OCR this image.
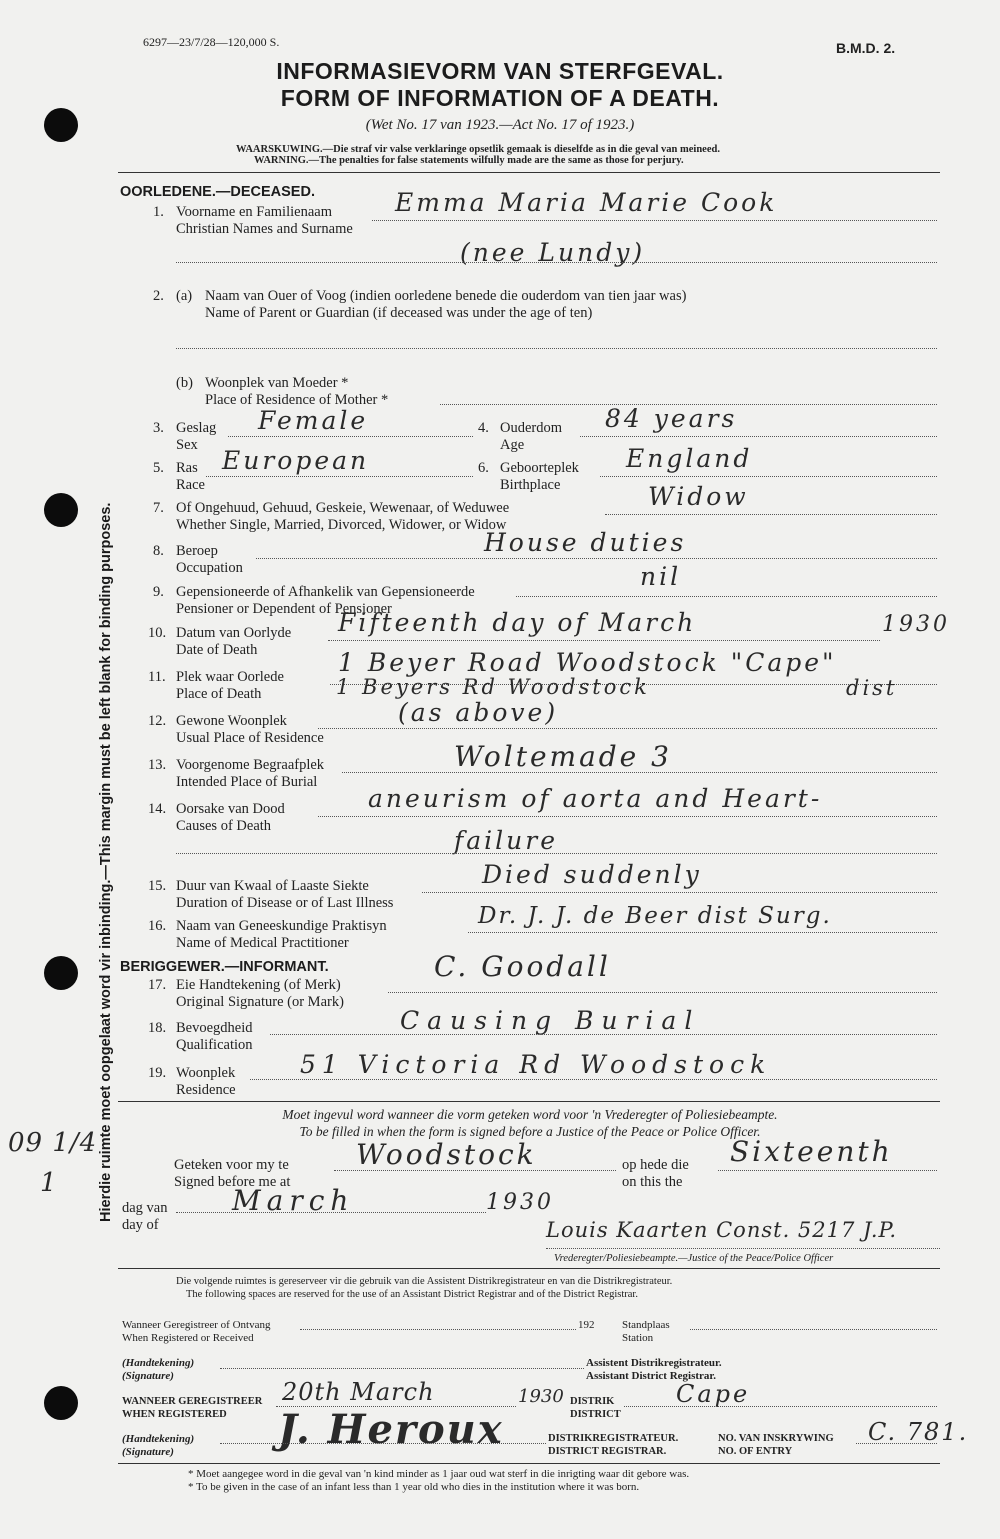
Hierdie ruimte moet oopgelaat word vir inbinding.—This margin must be left blank for binding purposes.
09 1/4
1
6297—23/7/28—120,000 S.	B.M.D. 2.
INFORMASIEVORM VAN STERFGEVAL.
FORM OF INFORMATION OF A DEATH.
(Wet No. 17 van 1923.—Act No. 17 of 1923.)
WAARSKUWING.—Die straf vir valse verklaringe opsetlik gemaak is dieselfde as in die geval van meineed.
WARNING.—The penalties for false statements wilfully made are the same as those for perjury.
OORLEDENE.—DECEASED.
1. Voorname en Familienaam
Christian Names and Surname
Emma Maria Marie Cook
(nee Lundy)
2. (a) Naam van Ouer of Voog (indien oorledene benede die ouderdom van tien jaar was)
Name of Parent or Guardian (if deceased was under the age of ten)
(b) Woonplek van Moeder *
Place of Residence of Mother *
3. Geslag
Sex
Female	4. Ouderdom
Age
84 years
5. Ras
Race
European	6. Geboorteplek
Birthplace
England
7. Of Ongehuud, Gehuud, Geskeie, Wewenaar, of Weduwee
Whether Single, Married, Divorced, Widower, or Widow
Widow
8. Beroep
Occupation
House duties
9. Gepensioneerde of Afhankelik van Gepensioneerde
Pensioner or Dependent of Pensioner
nil
10. Datum van Oorlyde
Date of Death
Fifteenth day of March	1930
11. Plek waar Oorlede
Place of Death
1 Beyer Road Woodstock "Cape"
1 Beyers Rd Woodstock	dist
12. Gewone Woonplek
Usual Place of Residence
(as above)
13. Voorgenome Begraafplek
Intended Place of Burial
Woltemade 3
14. Oorsake van Dood
Causes of Death
aneurism of aorta and Heart-
failure
15. Duur van Kwaal of Laaste Siekte
Duration of Disease or of Last Illness
Died suddenly
16. Naam van Geneeskundige Praktisyn
Name of Medical Practitioner
Dr. J. J. de Beer dist Surg.
BERIGGEWER.—INFORMANT.
17. Eie Handtekening (of Merk)
Original Signature (or Mark)
C. Goodall
18. Bevoegdheid
Qualification
Causing Burial
19. Woonplek
Residence
51 Victoria Rd Woodstock
Moet ingevul word wanneer die vorm geteken word voor 'n Vrederegter of Poliesiebeampte.
To be filled in when the form is signed before a Justice of the Peace or Police Officer.
Geteken voor my te
Signed before me at
Woodstock	op hede die
on this the
Sixteenth
dag van
day of
March	1930
Louis Kaarten Const. 5217 J.P.
Vrederegter/Poliesiebeampte.—Justice of the Peace/Police Officer
Die volgende ruimtes is gereserveer vir die gebruik van die Assistent Distrikregistrateur en van die Distrikregistrateur.
The following spaces are reserved for the use of an Assistant District Registrar and of the District Registrar.
Wanneer Geregistreer of Ontvang
When Registered or Received
192	Standplaas
Station
(Handtekening)
(Signature)
Assistent Distrikregistrateur.
Assistant District Registrar.
WANNEER GEREGISTREER
WHEN REGISTERED
20th March	1930 DISTRIK
DISTRICT
Cape
(Handtekening)
(Signature)	J. Heroux	DISTRIKREGISTRATEUR.
DISTRICT REGISTRAR.
NO. VAN INSKRYWING
NO. OF ENTRY
C. 781.
* Moet aangegee word in die geval van 'n kind minder as 1 jaar oud wat sterf in die inrigting waar dit gebore was.
* To be given in the case of an infant less than 1 year old who dies in the institution where it was born.
